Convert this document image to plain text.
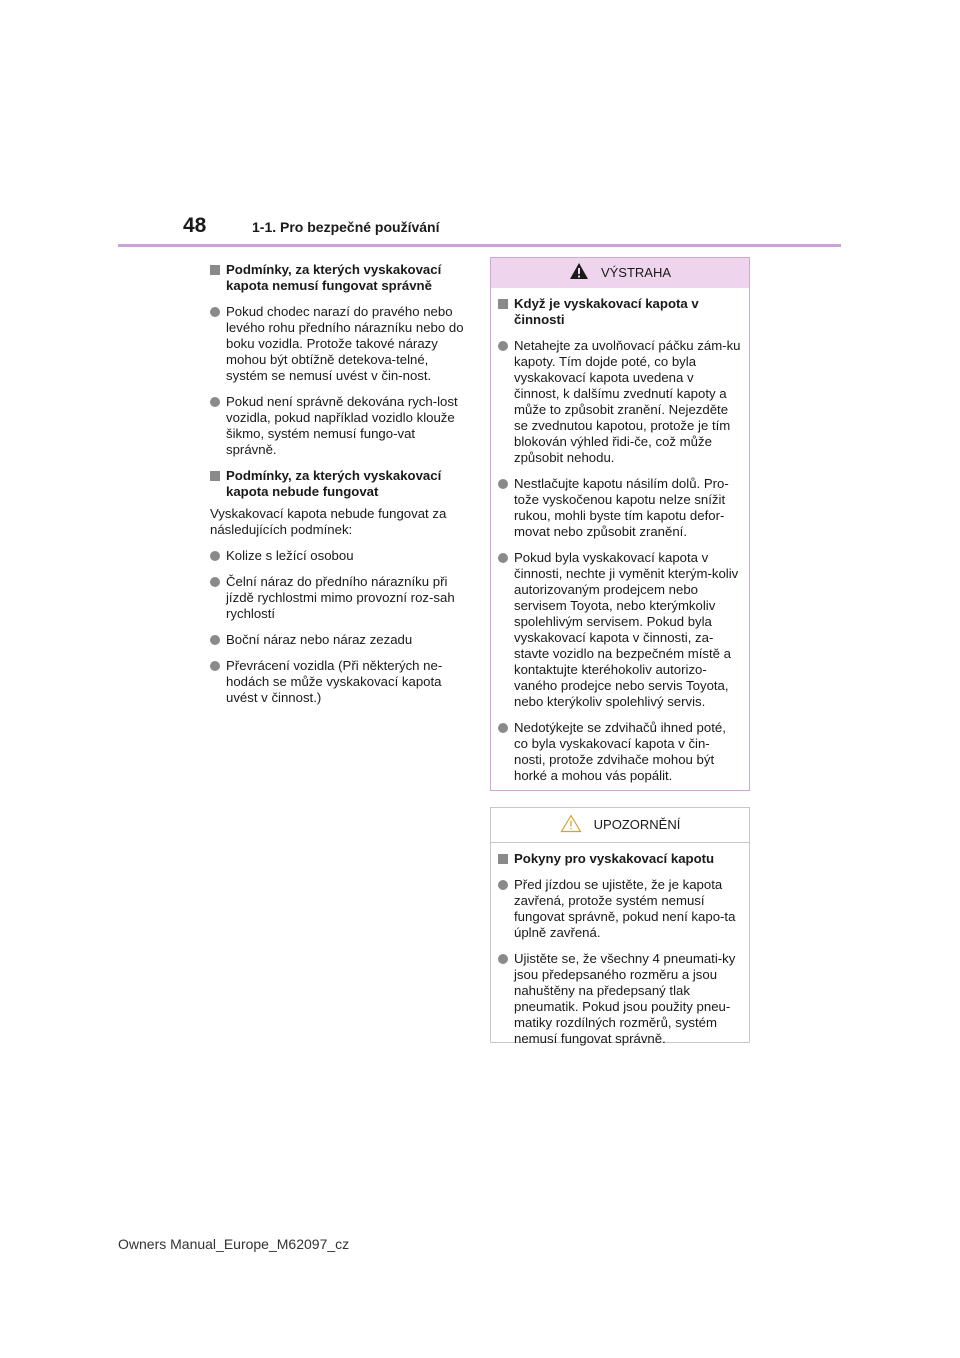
48	1-1. Pro bezpečné používání
Podmínky, za kterých vyskakovací kapota nemusí fungovat správně
Pokud chodec narazí do pravého nebo levého rohu předního nárazníku nebo do boku vozidla. Protože takové nárazy mohou být obtížně detekova-telné, systém se nemusí uvést v čin-nost.
Pokud není správně dekována rych-lost vozidla, pokud například vozidlo klouže šikmo, systém nemusí fungo-vat správně.
Podmínky, za kterých vyskakovací kapota nebude fungovat
Vyskakovací kapota nebude fungovat za následujících podmínek:
Kolize s ležící osobou
Čelní náraz do předního nárazníku při jízdě rychlostmi mimo provozní roz-sah rychlostí
Boční náraz nebo náraz zezadu
Převrácení vozidla (Při některých ne-hodách se může vyskakovací kapota uvést v činnost.)
VÝSTRAHA
Když je vyskakovací kapota v činnosti
Netahejte za uvolňovací páčku zám-ku kapoty. Tím dojde poté, co byla vyskakovací kapota uvedena v činnost, k dalšímu zvednutí kapoty a může to způsobit zranění. Nejezděte se zvednutou kapotou, protože je tím blokován výhled řidi-če, což může způsobit nehodu.
Nestlačujte kapotu násilím dolů. Pro-tože vyskočenou kapotu nelze snížit rukou, mohli byste tím kapotu defor-movat nebo způsobit zranění.
Pokud byla vyskakovací kapota v činnosti, nechte ji vyměnit kterým-koliv autorizovaným prodejcem nebo servisem Toyota, nebo kterýmkoliv spolehlivým servisem. Pokud byla vyskakovací kapota v činnosti, za-stavte vozidlo na bezpečném místě a kontaktujte kteréhokoliv autorizo-vaného prodejce nebo servis Toyota, nebo kterýkoliv spolehlivý servis.
Nedotýkejte se zdvihačů ihned poté, co byla vyskakovací kapota v čin-nosti, protože zdvihače mohou být horké a mohou vás popálit.
UPOZORNĚNÍ
Pokyny pro vyskakovací kapotu
Před jízdou se ujistěte, že je kapota zavřená, protože systém nemusí fungovat správně, pokud není kapo-ta úplně zavřená.
Ujistěte se, že všechny 4 pneumati-ky jsou předepsaného rozměru a jsou nahuštěny na předepsaný tlak pneumatik. Pokud jsou použity pneu-matiky rozdílných rozměrů, systém nemusí fungovat správně.
Owners Manual_Europe_M62097_cz
